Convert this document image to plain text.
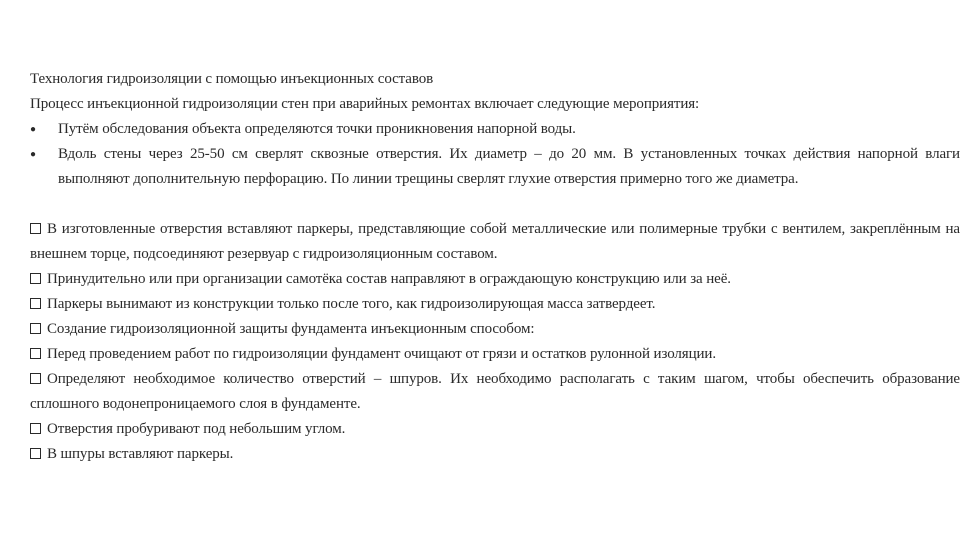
Технология гидроизоляции с помощью инъекционных составов
Процесс инъекционной гидроизоляции стен при аварийных ремонтах включает следующие мероприятия:
●	Путём обследования объекта определяются точки проникновения напорной воды.
●	Вдоль стены через 25-50 см сверлят сквозные отверстия. Их диаметр – до 20 мм. В установленных точках действия напорной влаги выполняют дополнительную перфорацию. По линии трещины сверлят глухие отверстия примерно того же диаметра.
В изготовленные отверстия вставляют паркеры, представляющие собой металлические или полимерные трубки с вентилем, закреплённым на внешнем торце, подсоединяют резервуар с гидроизоляционным составом.
Принудительно или при организации самотёка состав направляют в ограждающую конструкцию или за неё.
Паркеры вынимают из конструкции только после того, как гидроизолирующая масса затвердеет.
Создание гидроизоляционной защиты фундамента инъекционным способом:
Перед проведением работ по гидроизоляции фундамент очищают от грязи и остатков рулонной изоляции.
Определяют необходимое количество отверстий – шпуров. Их необходимо располагать с таким шагом, чтобы обеспечить образование сплошного водонепроницаемого слоя в фундаменте.
Отверстия пробуривают под небольшим углом.
В шпуры вставляют паркеры.
